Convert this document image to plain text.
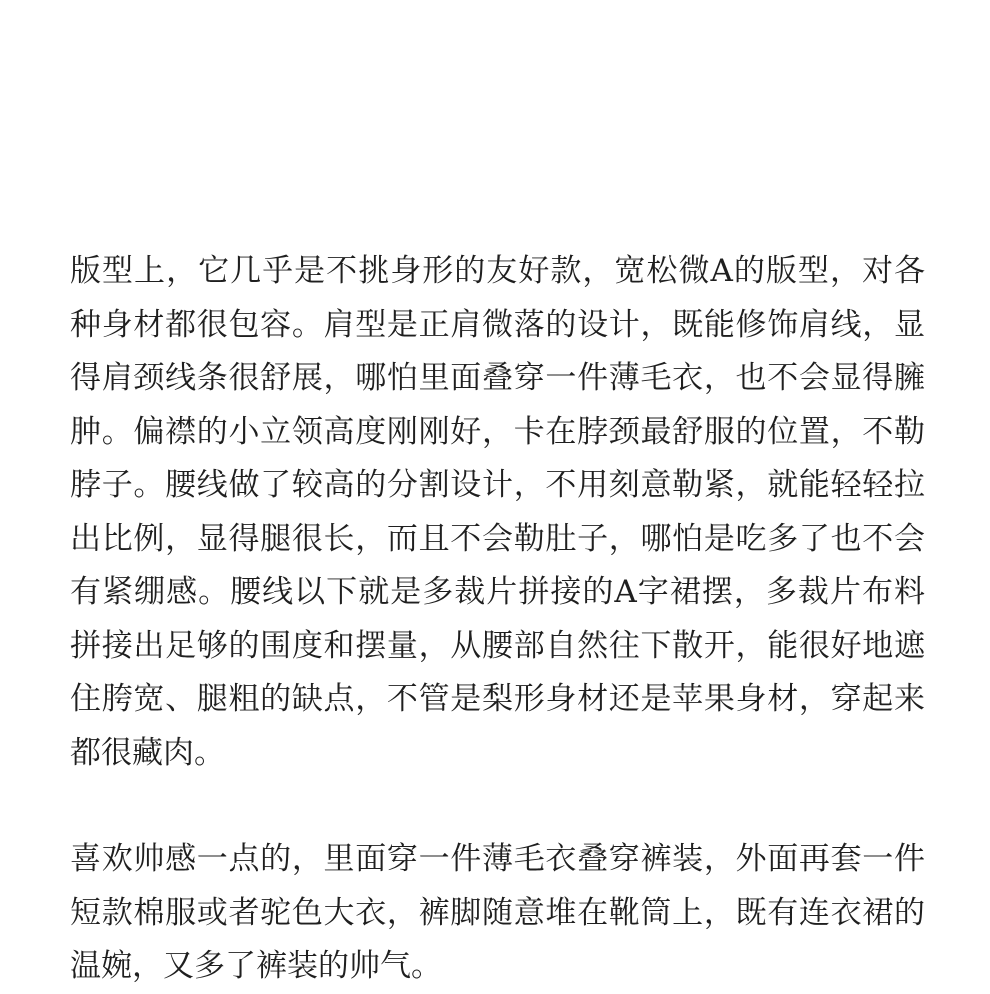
版型上，它几乎是不挑身形的友好款，宽松微A的版型，对各种身材都很包容。肩型是正肩微落的设计，既能修饰肩线，显得肩颈线条很舒展，哪怕里面叠穿一件薄毛衣，也不会显得臃肿。偏襟的小立领高度刚刚好，卡在脖颈最舒服的位置，不勒脖子。腰线做了较高的分割设计，不用刻意勒紧，就能轻轻拉出比例，显得腿很长，而且不会勒肚子，哪怕是吃多了也不会有紧绷感。腰线以下就是多裁片拼接的A字裙摆，多裁片布料拼接出足够的围度和摆量，从腰部自然往下散开，能很好地遮住胯宽、腿粗的缺点，不管是梨形身材还是苹果身材，穿起来都很藏肉。

喜欢帅感一点的，里面穿一件薄毛衣叠穿裤装，外面再套一件短款棉服或者驼色大衣，裤脚随意堆在靴筒上，既有连衣裙的温婉，又多了裤装的帅气。
